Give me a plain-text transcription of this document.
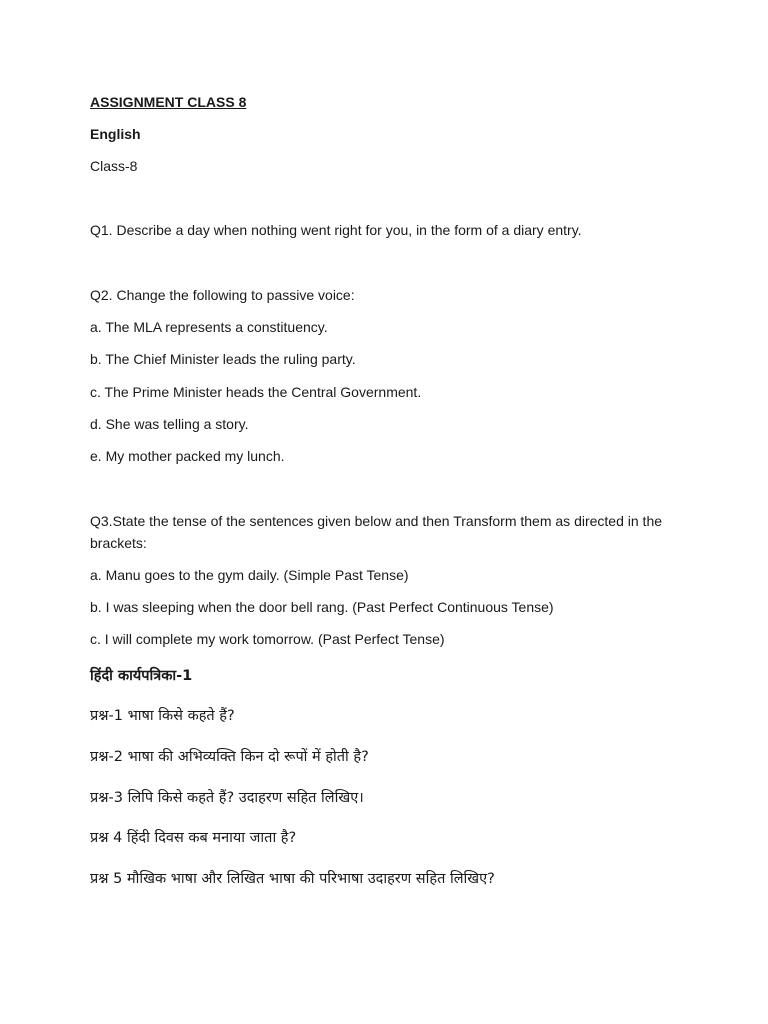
ASSIGNMENT CLASS 8
English
Class-8
Q1. Describe a day when nothing went right for you, in the form of a diary entry.
Q2. Change the following to passive voice:
a. The MLA represents a constituency.
b. The Chief Minister leads the ruling party.
c. The Prime Minister heads the Central Government.
d. She was telling a story.
e. My mother packed my lunch.
Q3.State the tense of the sentences given below and then Transform them as directed in the brackets:
a. Manu goes to the gym daily. (Simple Past Tense)
b. I was sleeping when the door bell rang. (Past Perfect Continuous Tense)
c. I will complete my work tomorrow. (Past Perfect Tense)
हिंदी कार्यपत्रिका-1
प्रश्न-1 भाषा किसे कहते हैं?
प्रश्न-2 भाषा की अभिव्यक्ति किन दो रूपों में होती है?
प्रश्न-3 लिपि किसे कहते हैं? उदाहरण सहित लिखिए।
प्रश्न 4 हिंदी दिवस कब मनाया जाता है?
प्रश्न 5 मौखिक भाषा और लिखित भाषा की परिभाषा उदाहरण सहित लिखिए?
